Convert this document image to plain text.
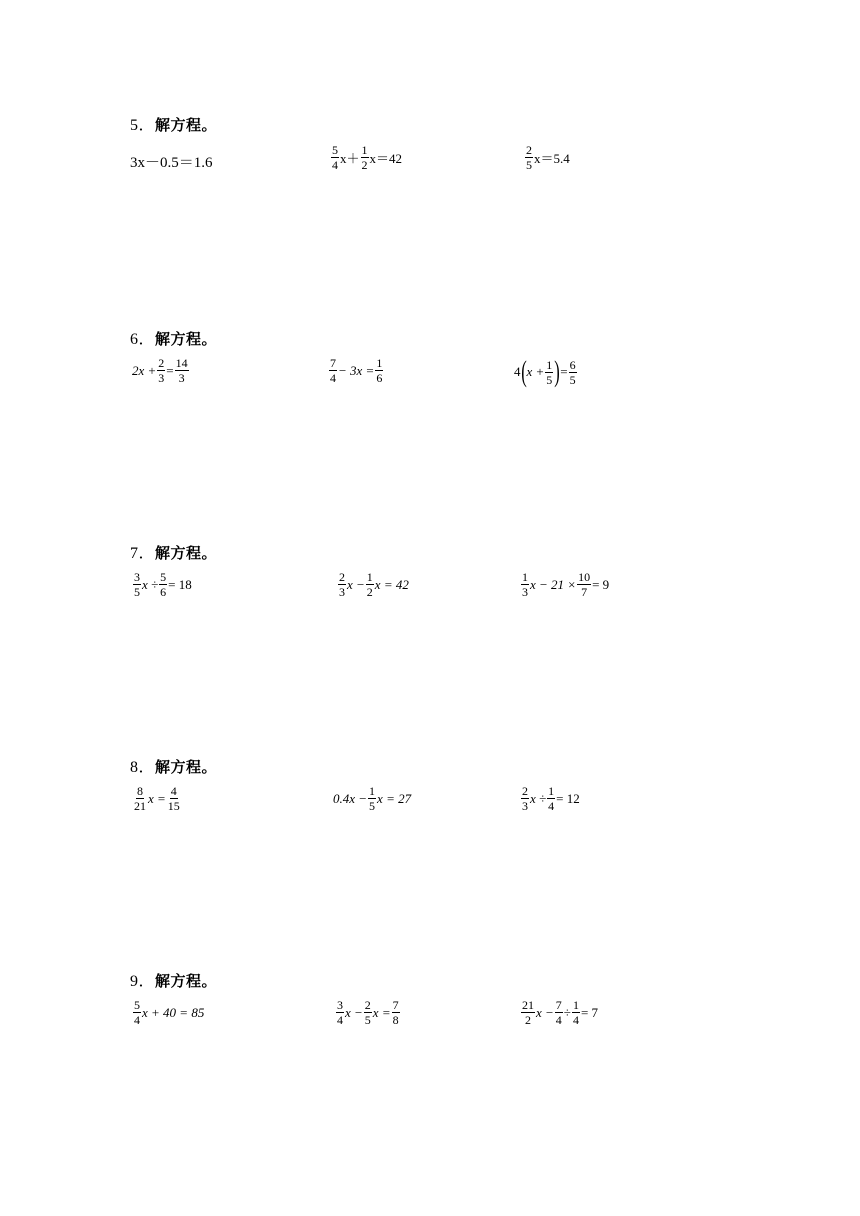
5．解方程。
3x－0.5＝1.6	$\frac{5}{4} x+ \frac{1}{2} x=42$	$\frac{2}{5} x=5.4$
6．解方程。
$2x + \frac{2}{3} = \frac{14}{3}$	$\frac{7}{4} - 3x = \frac{1}{6}$	4 ( $x + \frac{1}{5}$ ) = $\frac{6}{5}$
7．解方程。
$\frac{3}{5}$ $x \div \frac{5}{6} = 18$	$\frac{2}{3}$ $x - \frac{1}{2}$ x = 42	$\frac{1}{3}$ $x - 21 \times \frac{10}{7} = 9$
8．解方程。
$\frac{8}{21}$ $x = \frac{4}{15}$	$0.4x - \frac{1}{5}$ x = 27	$\frac{2}{3}$ $x \div \frac{1}{4} = 12$
9．解方程。
$\frac{5}{4}$ x + 40 = 85	$\frac{3}{4}$ $x - \frac{2}{5}$ $x = \frac{7}{8}$	$\frac{21}{2}$ $x - \frac{7}{4} \div \frac{1}{4} = 7$
